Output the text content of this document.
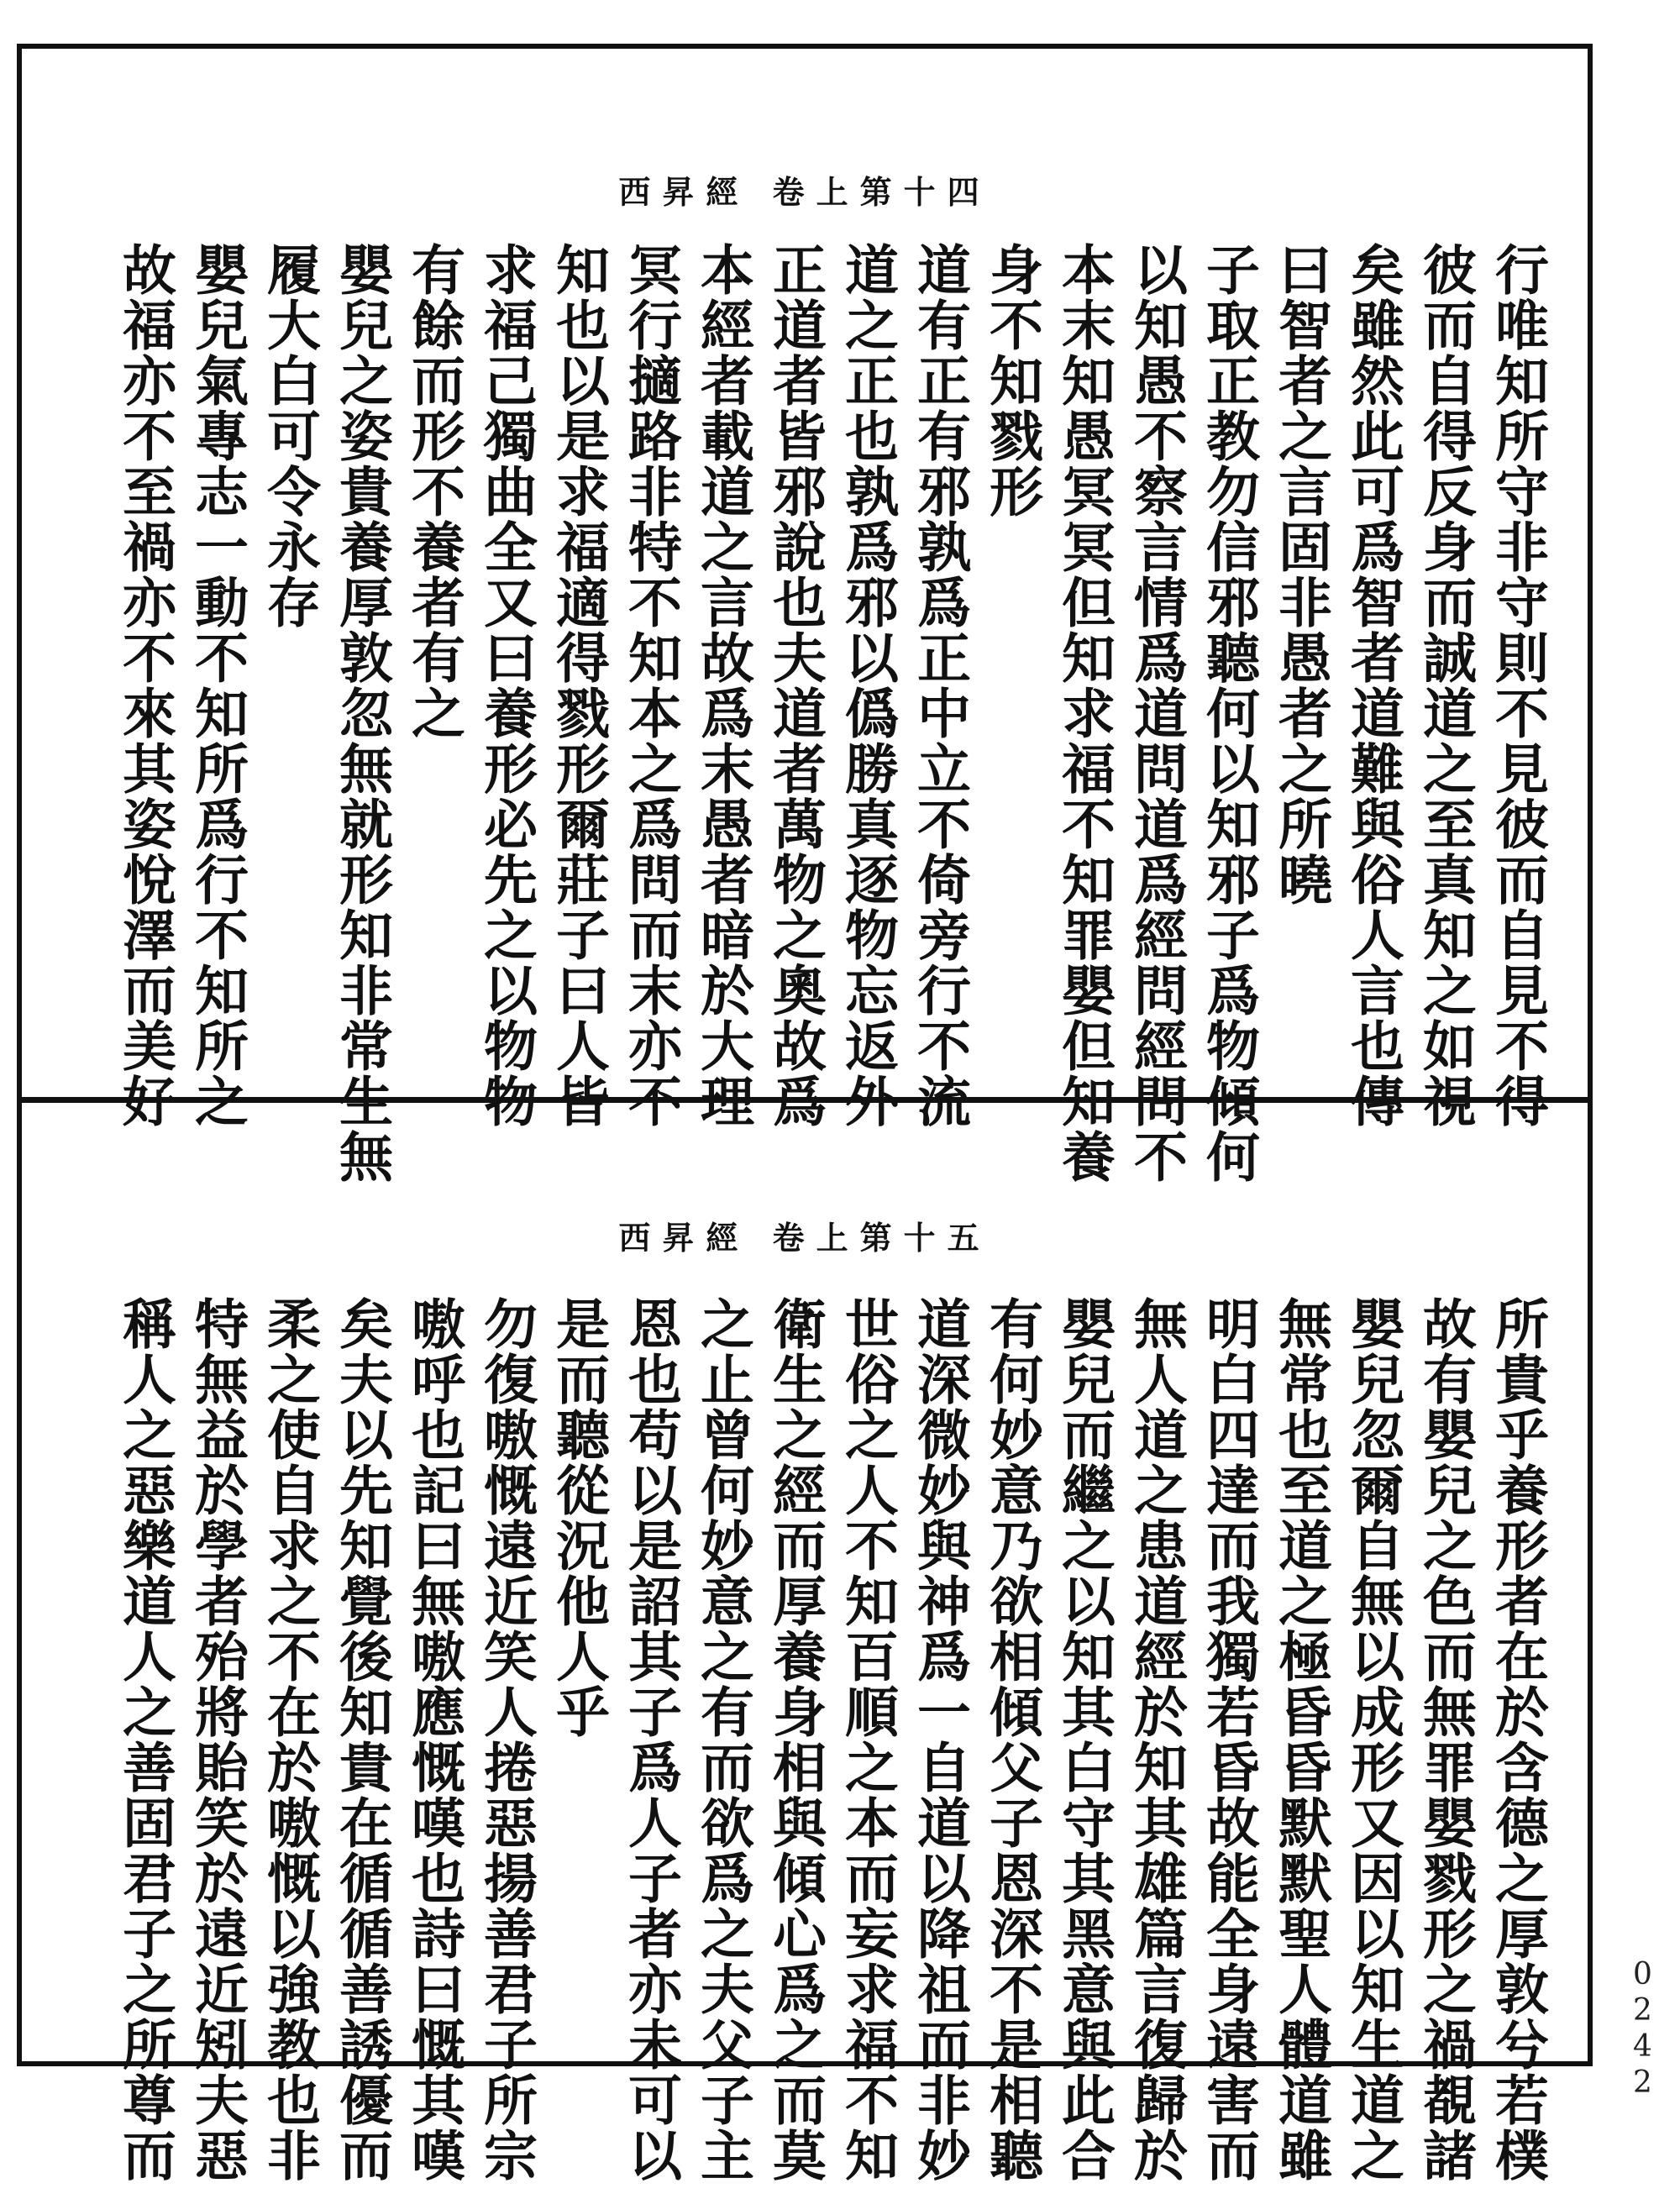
西昇經 卷上第十四
行唯知所守非守則不見彼而自見不得
彼而自得反身而誠道之至真知之如視
矣雖然此可爲智者道難與俗人言也傳
曰智者之言固非愚者之所曉
子取正教勿信邪聽何以知邪子爲物傾何
以知愚不察言情爲道問道爲經問經問不
本末知愚冥冥但知求福不知罪嬰但知養
身不知戮形
道有正有邪孰爲正中立不倚旁行不流
道之正也孰爲邪以僞勝真逐物忘返外
正道者皆邪說也夫道者萬物之奧故爲
本經者載道之言故爲末愚者暗於大理
冥行擿路非特不知本之爲問而末亦不
知也以是求福適得戮形爾莊子曰人皆
求福己獨曲全又曰養形必先之以物物
有餘而形不養者有之
嬰兒之姿貴養厚敦忽無就形知非常生無
履大白可令永存
嬰兒氣專志一動不知所爲行不知所之
故福亦不至禍亦不來其姿悅澤而美好
西昇經 卷上第十五
所貴乎養形者在於含德之厚敦兮若樸
故有嬰兒之色而無罪嬰戮形之禍覩諸
嬰兒忽爾自無以成形又因以知生道之
無常也至道之極昏昏默默聖人體道雖
明白四達而我獨若昏故能全身遠害而
無人道之患道經於知其雄篇言復歸於
嬰兒而繼之以知其白守其黑意與此合
有何妙意乃欲相傾父子恩深不是相聽
道深微妙與神爲一自道以降祖而非妙
世俗之人不知百順之本而妄求福不知
衛生之經而厚養身相與傾心爲之而莫
之止曾何妙意之有而欲爲之夫父子主
恩也苟以是詔其子爲人子者亦未可以
是而聽從況他人乎
勿復嗷慨遠近笑人捲惡揚善君子所宗
嗷呼也記曰無嗷應慨嘆也詩曰慨其嘆
矣夫以先知覺後知貴在循循善誘優而
柔之使自求之不在於嗷慨以強教也非
特無益於學者殆將貽笑於遠近矧夫惡
稱人之惡樂道人之善固君子之所尊而	0242
